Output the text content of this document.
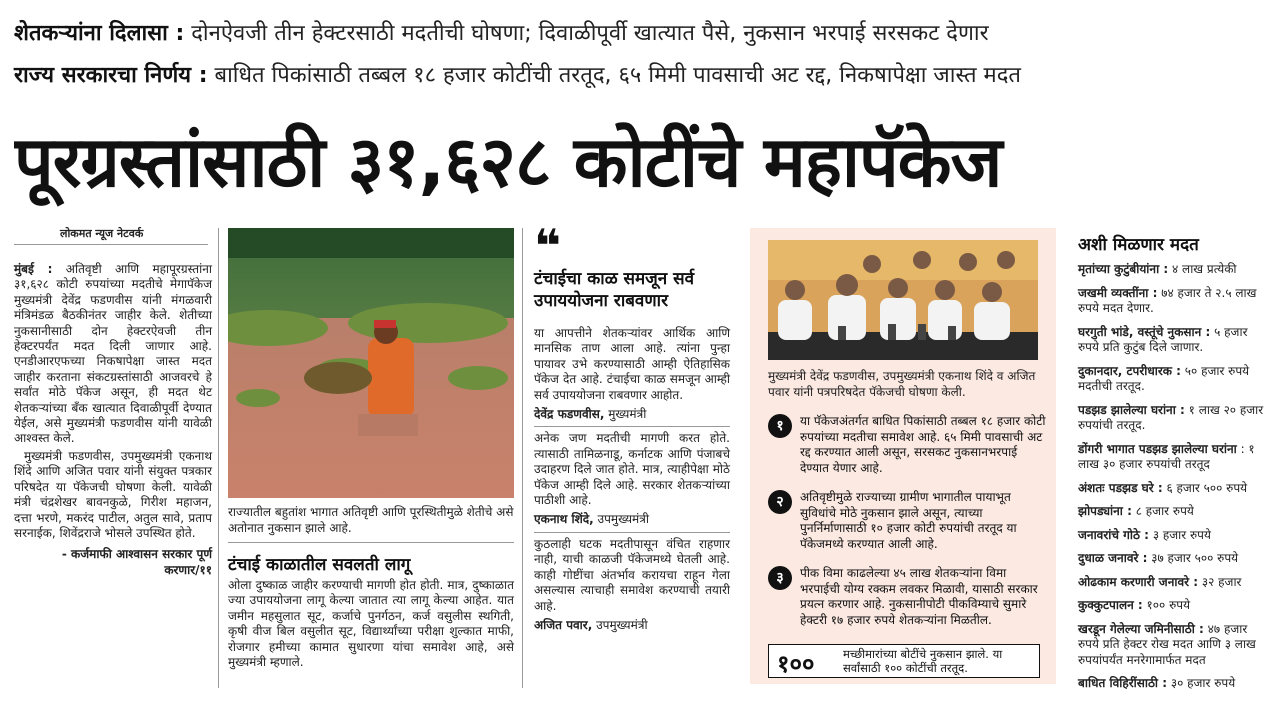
शेतकऱ्यांना दिलासा : दोनऐवजी तीन हेक्टरसाठी मदतीची घोषणा; दिवाळीपूर्वी खात्यात पैसे, नुकसान भरपाई सरसकट देणार
राज्य सरकारचा निर्णय : बाधित पिकांसाठी तब्बल १८ हजार कोटींची तरतूद, ६५ मिमी पावसाची अट रद्द, निकषापेक्षा जास्त मदत
पूरग्रस्तांसाठी ३१,६२८ कोटींचे महापॅकेज
लोकमत न्यूज नेटवर्क

मुंबई : अतिवृष्टी आणि महापूरग्रस्तांना ३१,६२८ कोटी रुपयांच्या मदतीचे मेगापॅकेज मुख्यमंत्री देवेंद्र फडणवीस यांनी मंगळवारी मंत्रिमंडळ बैठकीनंतर जाहीर केले. शेतीच्या नुकसानीसाठी दोन हेक्टरऐवजी तीन हेक्टरपर्यंत मदत दिली जाणार आहे. एनडीआरएफच्या निकषापेक्षा जास्त मदत जाहीर करताना संकटग्रस्तांसाठी आजवरचे हे सर्वांत मोठे पॅकेज असून, ही मदत थेट शेतकऱ्यांच्या बँक खात्यात दिवाळीपूर्वी देण्यात येईल, असे मुख्यमंत्री फडणवीस यांनी यावेळी आश्वस्त केले.

मुख्यमंत्री फडणवीस, उपमुख्यमंत्री एकनाथ शिंदे आणि अजित पवार यांनी संयुक्त पत्रकार परिषदेत या पॅकेजची घोषणा केली. यावेळी मंत्री चंद्रशेखर बावनकुळे, गिरीश महाजन, दत्ता भरणे, मकरंद पाटील, अतुल सावे, प्रताप सरनाईक, शिवेंद्रराजे भोसले उपस्थित होते.

- कर्जमाफी आश्वासन सरकार पूर्ण करणार/११

राज्यातील बहुतांश भागात अतिवृष्टी आणि पूरस्थितीमुळे शेतीचे असे अतोनात नुकसान झाले आहे.
टंचाई काळातील सवलती लागू
ओला दुष्काळ जाहीर करण्याची मागणी होत होती. मात्र, दुष्काळात ज्या उपाययोजना लागू केल्या जातात त्या लागू केल्या आहेत. यात जमीन महसुलात सूट, कर्जाचे पुनर्गठन, कर्ज वसुलीस स्थगिती, कृषी वीज बिल वसुलीत सूट, विद्यार्थ्यांच्या परीक्षा शुल्कात माफी, रोजगार हमीच्या कामात सुधारणा यांचा समावेश आहे, असे मुख्यमंत्री म्हणाले.
❝
टंचाईचा काळ समजून सर्व उपाययोजना राबवणार

या आपत्तीने शेतकऱ्यांवर आर्थिक आणि मानसिक ताण आला आहे. त्यांना पुन्हा पायावर उभे करण्यासाठी आम्ही ऐतिहासिक पॅकेज देत आहे. टंचाईचा काळ समजून आम्ही सर्व उपाययोजना राबवणार आहोत.

देवेंद्र फडणवीस, मुख्यमंत्री

अनेक जण मदतीची मागणी करत होते. त्यासाठी तामिळनाडू, कर्नाटक आणि पंजाबचे उदाहरण दिले जात होते. मात्र, त्याहीपेक्षा मोठे पॅकेज आम्ही दिले आहे. सरकार शेतकऱ्यांच्या पाठीशी आहे.

एकनाथ शिंदे, उपमुख्यमंत्री

कुठलाही घटक मदतीपासून वंचित राहणार नाही, याची काळजी पॅकेजमध्ये घेतली आहे. काही गोष्टींचा अंतर्भाव करायचा राहून गेला असल्यास त्याचाही समावेश करण्याची तयारी आहे.

अजित पवार, उपमुख्यमंत्री

मुख्यमंत्री देवेंद्र फडणवीस, उपमुख्यमंत्री एकनाथ शिंदे व अजित पवार यांनी पत्रपरिषदेत पॅकेजची घोषणा केली.
१	या पॅकेजअंतर्गत बाधित पिकांसाठी तब्बल १८ हजार कोटी रुपयांच्या मदतीचा समावेश आहे. ६५ मिमी पावसाची अट रद्द करण्यात आली असून, सरसकट नुकसानभरपाई देण्यात येणार आहे.
२	अतिवृष्टीमुळे राज्याच्या ग्रामीण भागातील पायाभूत सुविधांचे मोठे नुकसान झाले असून, त्याच्या पुनर्निर्माणासाठी १० हजार कोटी रुपयांची तरतूद या पॅकेजमध्ये करण्यात आली आहे.
३	पीक विमा काढलेल्या ४५ लाख शेतकऱ्यांना विमा भरपाईची योग्य रक्कम लवकर मिळावी, यासाठी सरकार प्रयत्न करणार आहे. नुकसानीपोटी पीकविम्याचे सुमारे हेक्टरी १७ हजार रुपये शेतकऱ्यांना मिळतील.
१०० मच्छीमारांच्या बोटींचे नुकसान झाले. या सर्वांसाठी १०० कोटींची तरतूद.
अशी मिळणार मदत
मृतांच्या कुटुंबीयांना : ४ लाख प्रत्येकी
जखमी व्यक्तींना : ७४ हजार ते २.५ लाख रुपये मदत देणार.
घरगुती भांडे, वस्तूंचे नुकसान : ५ हजार रुपये प्रति कुटुंब दिले जाणार.
दुकानदार, टपरीधारक : ५० हजार रुपये मदतीची तरतूद.
पडझड झालेल्या घरांना : १ लाख २० हजार रुपयांची तरतूद.
डोंगरी भागात पडझड झालेल्या घरांना : १ लाख ३० हजार रुपयांची तरतूद
अंशतः पडझड घरे : ६ हजार ५०० रुपये
झोपड्यांना : ८ हजार रुपये
जनावरांचे गोठे : ३ हजार रुपये
दुधाळ जनावरे : ३७ हजार ५०० रुपये
ओढकाम करणारी जनावरे : ३२ हजार
कुक्कुटपालन : १०० रुपये
खरडून गेलेल्या जमिनीसाठी : ४७ हजार रुपये प्रति हेक्टर रोख मदत आणि ३ लाख रुपयांपर्यंत मनरेगामार्फत मदत
बाधित विहिरींसाठी : ३० हजार रुपये
